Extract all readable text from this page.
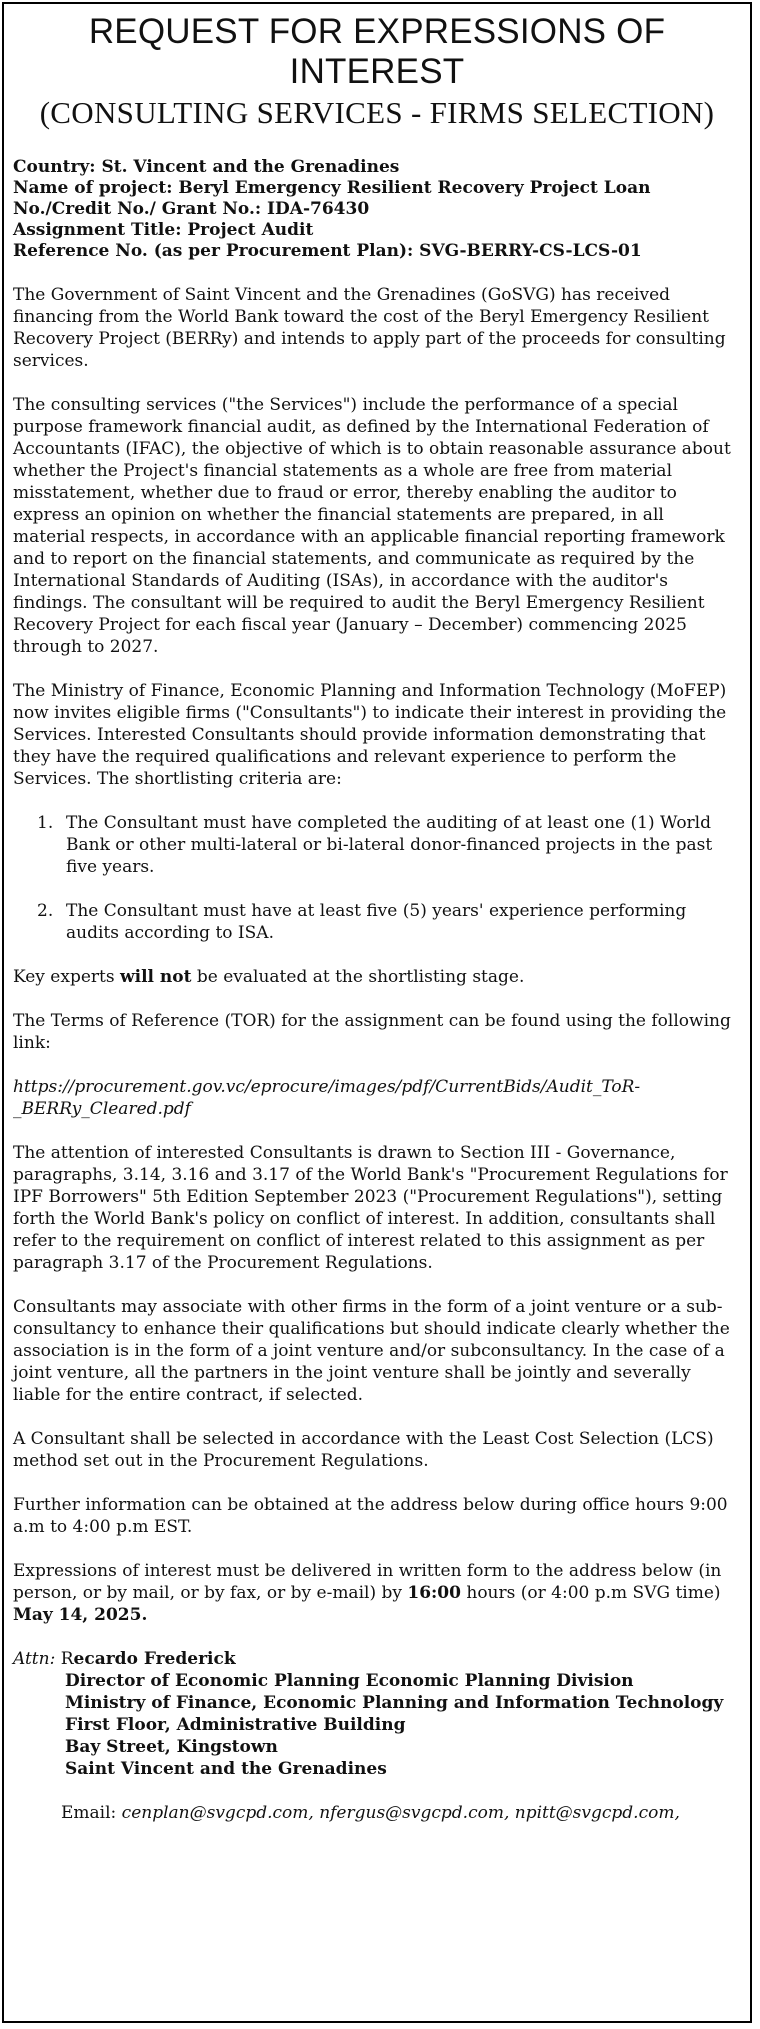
REQUEST FOR EXPRESSIONS OF INTEREST
(CONSULTING SERVICES - FIRMS SELECTION)
Country: St. Vincent and the Grenadines
Name of project: Beryl Emergency Resilient Recovery Project Loan
No./Credit No./ Grant No.: IDA-76430
Assignment Title: Project Audit
Reference No. (as per Procurement Plan): SVG-BERRY-CS-LCS-01

The Government of Saint Vincent and the Grenadines (GoSVG) has received financing from the World Bank toward the cost of the Beryl Emergency Resilient Recovery Project (BERRy) and intends to apply part of the proceeds for consulting services.

The consulting services ("the Services") include the performance of a special purpose framework financial audit, as defined by the International Federation of Accountants (IFAC), the objective of which is to obtain reasonable assurance about whether the Project's financial statements as a whole are free from material misstatement, whether due to fraud or error, thereby enabling the auditor to express an opinion on whether the financial statements are prepared, in all material respects, in accordance with an applicable financial reporting framework and to report on the financial statements, and communicate as required by the International Standards of Auditing (ISAs), in accordance with the auditor's findings. The consultant will be required to audit the Beryl Emergency Resilient Recovery Project for each fiscal year (January – December) commencing 2025 through to 2027.

The Ministry of Finance, Economic Planning and Information Technology (MoFEP) now invites eligible firms ("Consultants") to indicate their interest in providing the Services. Interested Consultants should provide information demonstrating that they have the required qualifications and relevant experience to perform the Services. The shortlisting criteria are:

1. The Consultant must have completed the auditing of at least one (1) World Bank or other multi-lateral or bi-lateral donor-financed projects in the past five years.
2. The Consultant must have at least five (5) years' experience performing audits according to ISA.

Key experts will not be evaluated at the shortlisting stage.

The Terms of Reference (TOR) for the assignment can be found using the following link:

https://procurement.gov.vc/eprocure/images/pdf/CurrentBids/Audit_ToR-_BERRy_Cleared.pdf

The attention of interested Consultants is drawn to Section III - Governance, paragraphs, 3.14, 3.16 and 3.17 of the World Bank's "Procurement Regulations for IPF Borrowers" 5th Edition September 2023 ("Procurement Regulations"), setting forth the World Bank's policy on conflict of interest. In addition, consultants shall refer to the requirement on conflict of interest related to this assignment as per paragraph 3.17 of the Procurement Regulations.

Consultants may associate with other firms in the form of a joint venture or a sub-consultancy to enhance their qualifications but should indicate clearly whether the association is in the form of a joint venture and/or subconsultancy. In the case of a joint venture, all the partners in the joint venture shall be jointly and severally liable for the entire contract, if selected.

A Consultant shall be selected in accordance with the Least Cost Selection (LCS) method set out in the Procurement Regulations.

Further information can be obtained at the address below during office hours 9:00 a.m to 4:00 p.m EST.

Expressions of interest must be delivered in written form to the address below (in person, or by mail, or by fax, or by e-mail) by 16:00 hours (or 4:00 p.m SVG time)
May 14, 2025.

Attn: Recardo Frederick
Director of Economic Planning Economic Planning Division
Ministry of Finance, Economic Planning and Information Technology
First Floor, Administrative Building
Bay Street, Kingstown
Saint Vincent and the Grenadines
Email: cenplan@svgcpd.com, nfergus@svgcpd.com, npitt@svgcpd.com,
